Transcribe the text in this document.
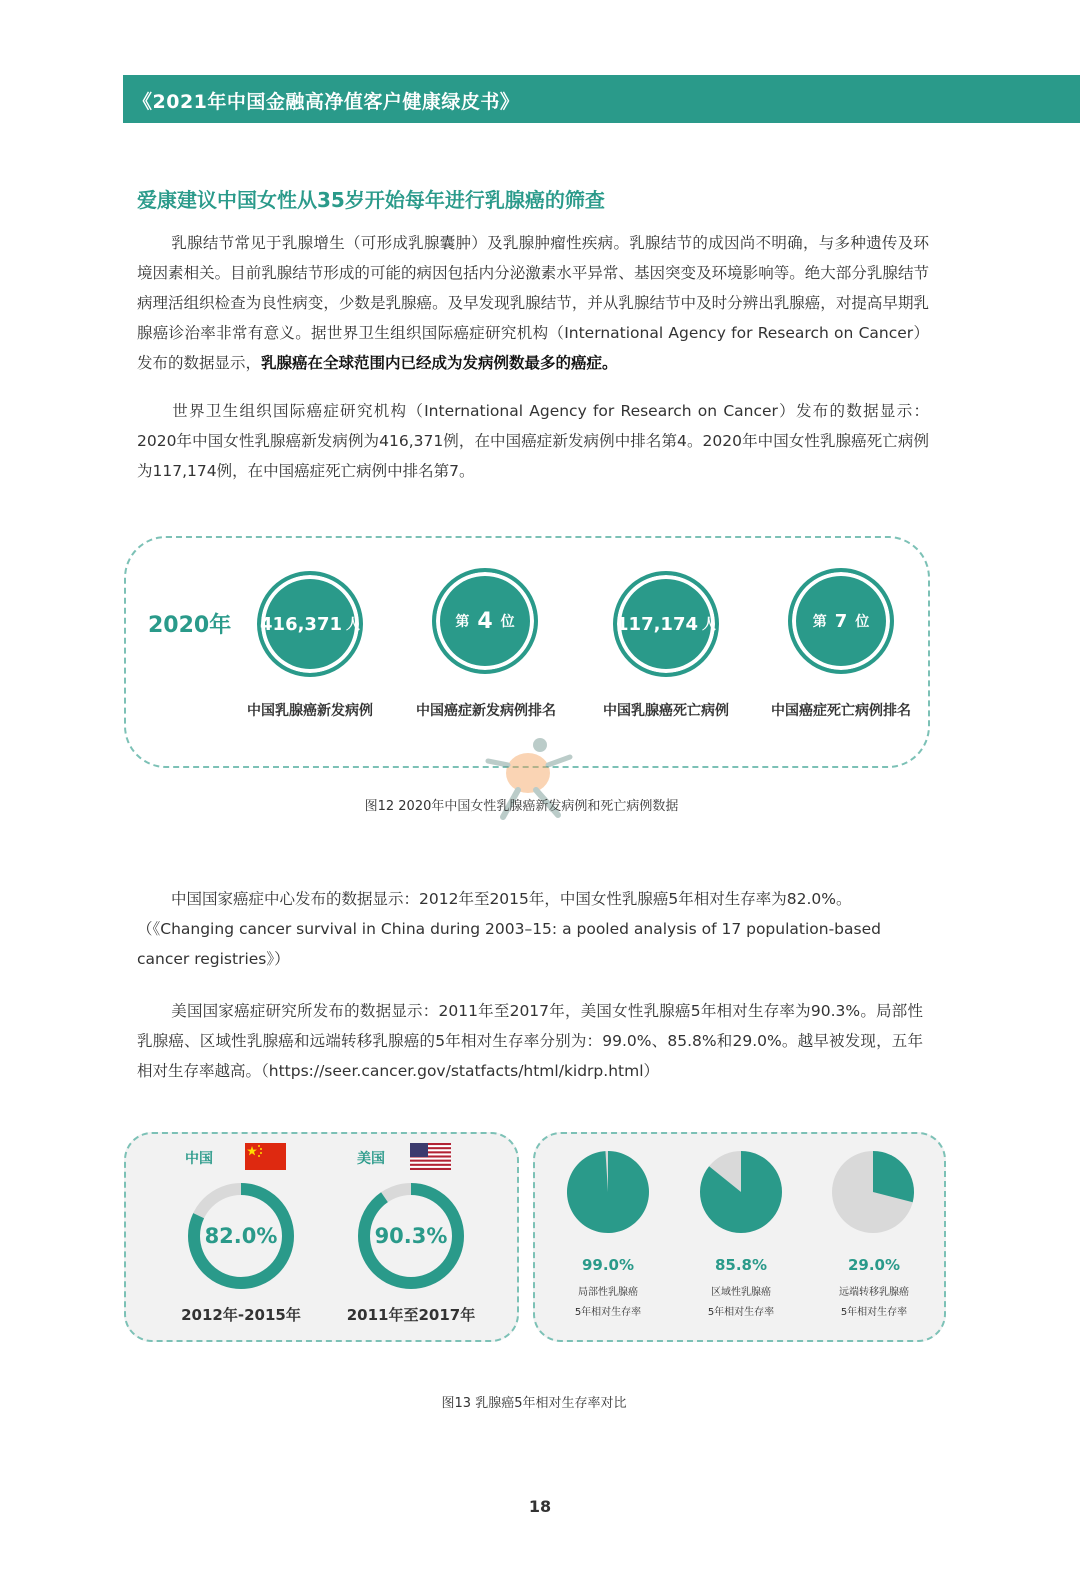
《2021年中国金融高净值客户健康绿皮书》
爱康建议中国女性从35岁开始每年进行乳腺癌的筛查

乳腺结节常见于乳腺增生（可形成乳腺囊肿）及乳腺肿瘤性疾病。乳腺结节的成因尚不明确，与多种遗传及环境因素相关。目前乳腺结节形成的可能的病因包括内分泌激素水平异常、基因突变及环境影响等。绝大部分乳腺结节病理活组织检查为良性病变，少数是乳腺癌。及早发现乳腺结节，并从乳腺结节中及时分辨出乳腺癌，对提高早期乳腺癌诊治率非常有意义。据世界卫生组织国际癌症研究机构（International Agency for Research on Cancer）发布的数据显示，乳腺癌在全球范围内已经成为发病例数最多的癌症。

世界卫生组织国际癌症研究机构（International Agency for Research on Cancer）发布的数据显示：2020年中国女性乳腺癌新发病例为416,371例，在中国癌症新发病例中排名第4。2020年中国女性乳腺癌死亡病例为117,174例，在中国癌症死亡病例中排名第7。

2020年 416,371 人	第 4 位	117,174 人	第 7 位
中国乳腺癌新发病例	中国癌症新发病例排名	中国乳腺癌死亡病例	中国癌症死亡病例排名
图12 2020年中国女性乳腺癌新发病例和死亡病例数据

中国国家癌症中心发布的数据显示：2012年至2015年，中国女性乳腺癌5年相对生存率为82.0%。（《Changing cancer survival in China during 2003–15: a pooled analysis of 17 population-based cancer registries》）

美国国家癌症研究所发布的数据显示：2011年至2017年，美国女性乳腺癌5年相对生存率为90.3%。局部性乳腺癌、区域性乳腺癌和远端转移乳腺癌的5年相对生存率分别为：99.0%、85.8%和29.0%。越早被发现，五年相对生存率越高。（https://seer.cancer.gov/statfacts/html/kidrp.html）

中国	美国
82.0%	90.3%
2012年-2015年	2011年至2017年
99.0%	85.8%	29.0%
局部性乳腺癌	区域性乳腺癌	远端转移乳腺癌
5年相对生存率	5年相对生存率	5年相对生存率
图13 乳腺癌5年相对生存率对比
18
